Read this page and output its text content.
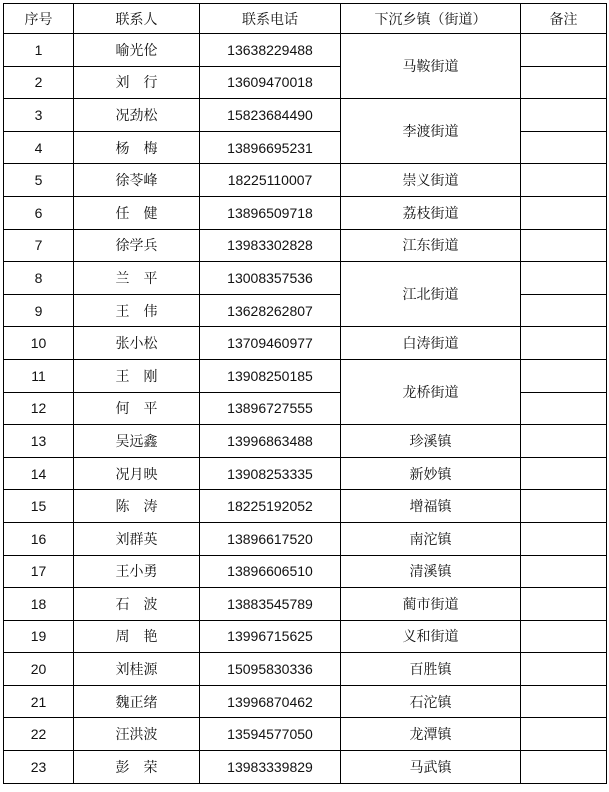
序号	联系人	联系电话	下沉乡镇（街道）	备注
1	喻光伦	13638229488	马鞍街道	
2	刘　行	13609470018		
3	况劲松	15823684490	李渡街道	
4	杨　梅	13896695231		
5	徐苓峰	18225110007	崇义街道	
6	任　健	13896509718	荔枝街道	
7	徐学兵	13983302828	江东街道	
8	兰　平	13008357536	江北街道	
9	王　伟	13628262807		
10	张小松	13709460977	白涛街道	
11	王　刚	13908250185	龙桥街道	
12	何　平	13896727555		
13	吴远鑫	13996863488	珍溪镇	
14	况月映	13908253335	新妙镇	
15	陈　涛	18225192052	增福镇	
16	刘群英	13896617520	南沱镇	
17	王小勇	13896606510	清溪镇	
18	石　波	13883545789	蔺市街道	
19	周　艳	13996715625	义和街道	
20	刘桂源	15095830336	百胜镇	
21	魏正绪	13996870462	石沱镇	
22	汪洪波	13594577050	龙潭镇	
23	彭　荣	13983339829	马武镇	
